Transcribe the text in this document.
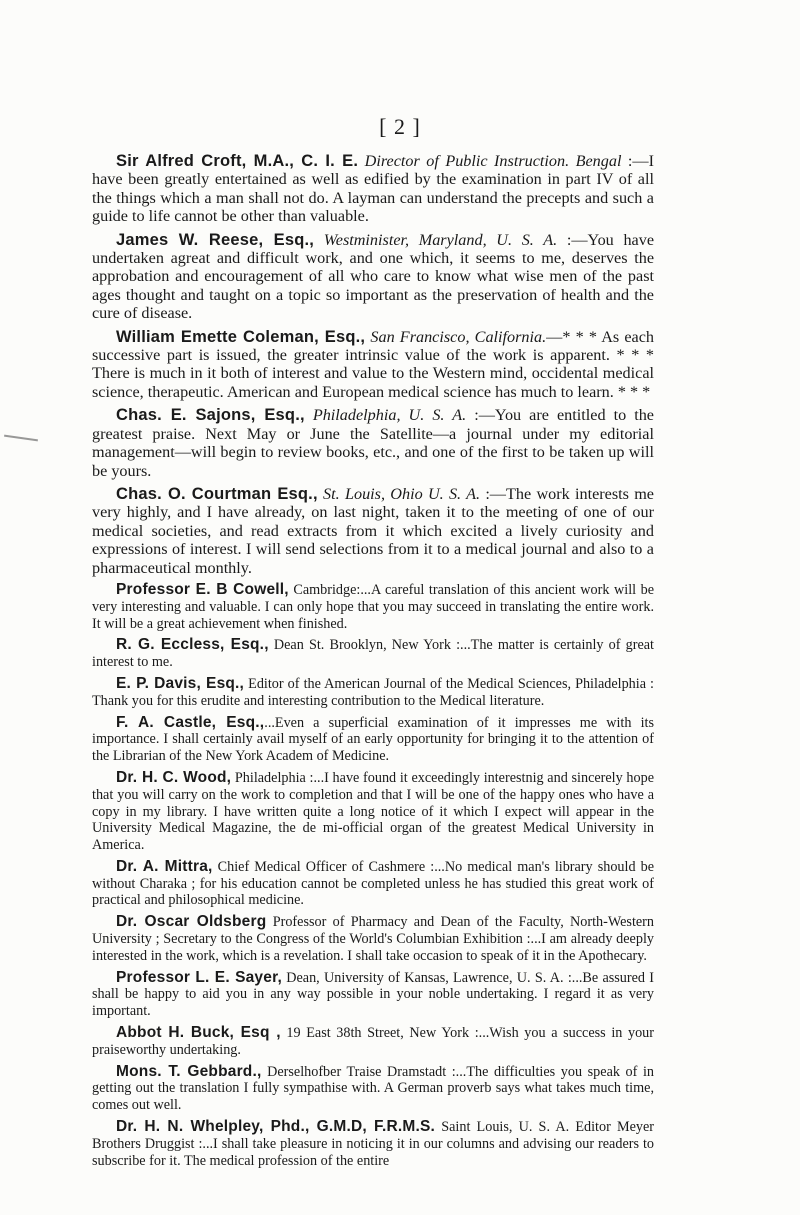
[ 2 ]

Sir Alfred Croft, M.A., C. I. E. Director of Public Instruction. Bengal :—I have been greatly entertained as well as edified by the examination in part IV of all the things which a man shall not do. A layman can understand the precepts and such a guide to life cannot be other than valuable.

James W. Reese, Esq., Westminister, Maryland, U. S. A. :—You have undertaken agreat and difficult work, and one which, it seems to me, deserves the approbation and encouragement of all who care to know what wise men of the past ages thought and taught on a topic so important as the preservation of health and the cure of disease.

William Emette Coleman, Esq., San Francisco, California.—* * * As each successive part is issued, the greater intrinsic value of the work is apparent. * * * There is much in it both of interest and value to the Western mind, occidental medical science, therapeutic. American and European medical science has much to learn. * * *

Chas. E. Sajons, Esq., Philadelphia, U. S. A. :—You are entitled to the greatest praise. Next May or June the Satellite—a journal under my editorial management—will begin to review books, etc., and one of the first to be taken up will be yours.

Chas. O. Courtman Esq., St. Louis, Ohio U. S. A. :—The work interests me very highly, and I have already, on last night, taken it to the meeting of one of our medical societies, and read extracts from it which excited a lively curiosity and expressions of interest. I will send selections from it to a medical journal and also to a pharmaceutical monthly.

Professor E. B Cowell, Cambridge:...A careful translation of this ancient work will be very interesting and valuable. I can only hope that you may succeed in translating the entire work. It will be a great achievement when finished.

R. G. Eccless, Esq., Dean St. Brooklyn, New York :...The matter is certainly of great interest to me.

E. P. Davis, Esq., Editor of the American Journal of the Medical Sciences, Philadelphia : Thank you for this erudite and interesting contribution to the Medical literature.

F. A. Castle, Esq.,...Even a superficial examination of it impresses me with its importance. I shall certainly avail myself of an early opportunity for bringing it to the attention of the Librarian of the New York Academ of Medicine.

Dr. H. C. Wood, Philadelphia :...I have found it exceedingly interestnig and sincerely hope that you will carry on the work to completion and that I will be one of the happy ones who have a copy in my library. I have written quite a long notice of it which I expect will appear in the University Medical Magazine, the de mi-official organ of the greatest Medical University in America.

Dr. A. Mittra, Chief Medical Officer of Cashmere :...No medical man's library should be without Charaka ; for his education cannot be completed unless he has studied this great work of practical and philosophical medicine.

Dr. Oscar Oldsberg Professor of Pharmacy and Dean of the Faculty, North-Western University ; Secretary to the Congress of the World's Columbian Exhibition :...I am already deeply interested in the work, which is a revelation. I shall take occasion to speak of it in the Apothecary.

Professor L. E. Sayer, Dean, University of Kansas, Lawrence, U. S. A. :...Be assured I shall be happy to aid you in any way possible in your noble undertaking. I regard it as very important.

Abbot H. Buck, Esq , 19 East 38th Street, New York :...Wish you a success in your praiseworthy undertaking.

Mons. T. Gebbard., Derselhofber Traise Dramstadt :...The difficulties you speak of in getting out the translation I fully sympathise with. A German proverb says what takes much time, comes out well.

Dr. H. N. Whelpley, Phd., G.M.D, F.R.M.S. Saint Louis, U. S. A. Editor Meyer Brothers Druggist :...I shall take pleasure in noticing it in our columns and advising our readers to subscribe for it. The medical profession of the entire
